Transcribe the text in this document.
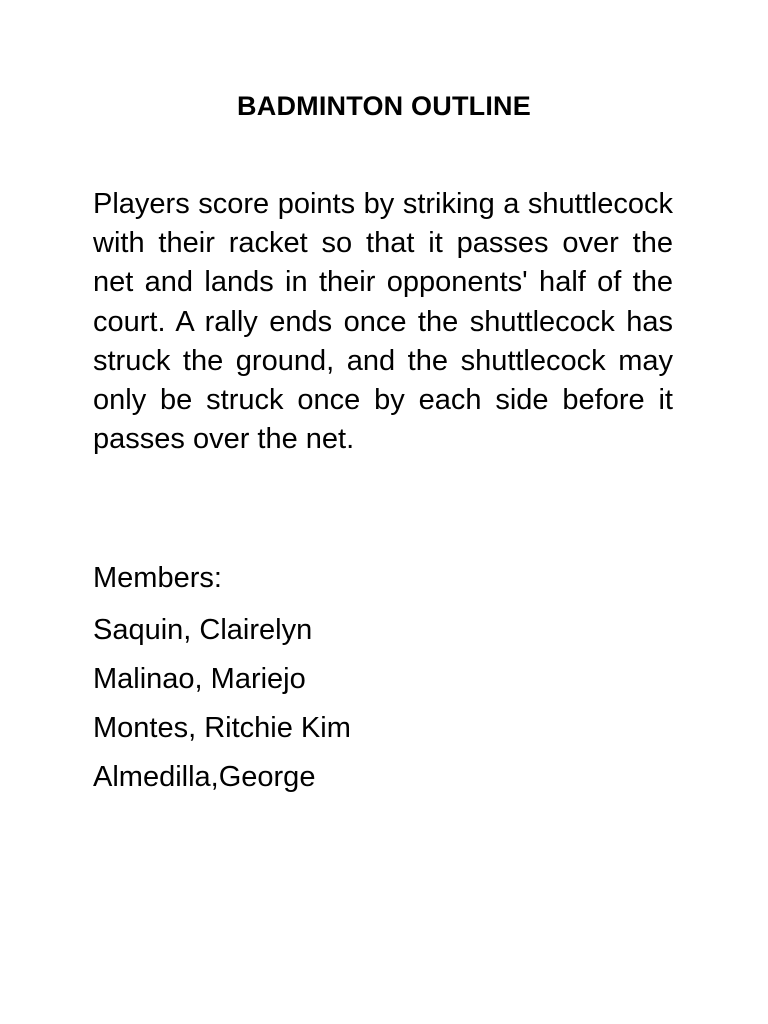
BADMINTON OUTLINE

Players score points by striking a shuttlecock with their racket so that it passes over the net and lands in their opponents' half of the court. A rally ends once the shuttlecock has struck the ground, and the shuttlecock may only be struck once by each side before it passes over the net.

Members:
Saquin, Clairelyn
Malinao, Mariejo
Montes, Ritchie Kim
Almedilla,George
